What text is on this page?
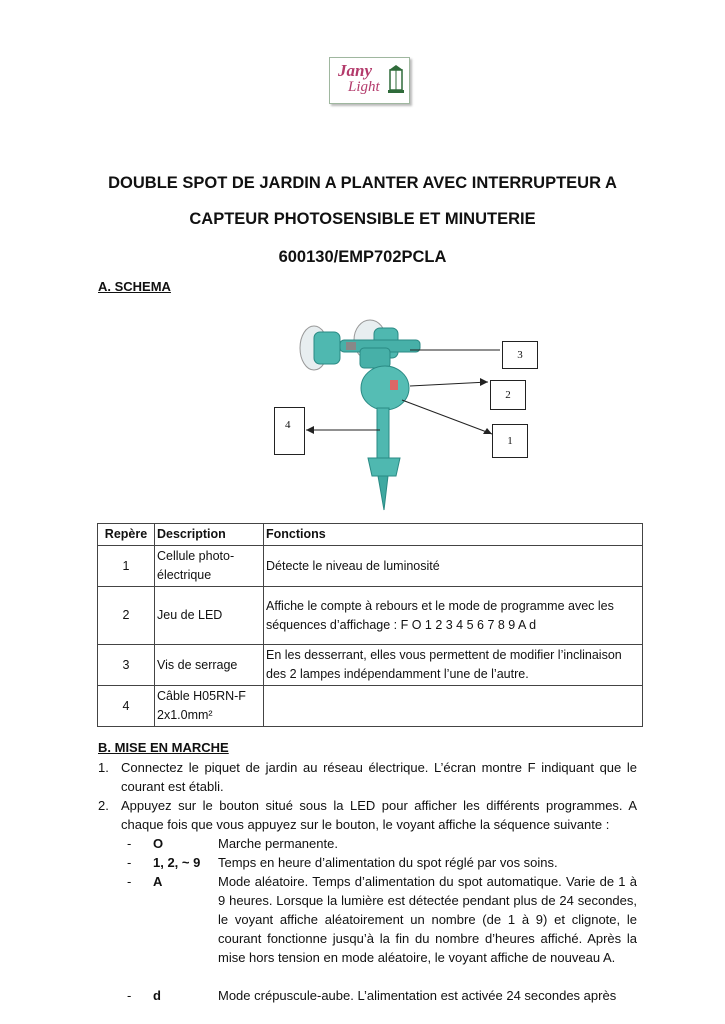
Jany
Light
DOUBLE SPOT DE JARDIN A PLANTER AVEC INTERRUPTEUR A
CAPTEUR PHOTOSENSIBLE ET MINUTERIE
600130/EMP702PCLA
A. SCHEMA
3
2
1
4
Repère	Description	Fonctions
1	Cellule photo-électrique	Détecte le niveau de luminosité
2	Jeu de LED	Affiche le compte à rebours et le mode de programme avec les séquences d’affichage : F O 1 2 3 4 5 6 7 8 9 A d
3	Vis de serrage	En les desserrant, elles vous permettent de modifier l’inclinaison des 2 lampes indépendamment l’une de l’autre.
4	Câble H05RN-F 2x1.0mm²	
B. MISE EN MARCHE
1. Connectez le piquet de jardin au réseau électrique. L’écran montre F indiquant que le courant est établi.
2. Appuyez sur le bouton situé sous la LED pour afficher les différents programmes. A chaque fois que vous appuyez sur le bouton, le voyant affiche la séquence suivante :
- O	Marche permanente.
- 1, 2, ~ 9 Temps en heure d’alimentation du spot réglé par vos soins.
- A	Mode aléatoire. Temps d’alimentation du spot automatique. Varie de 1 à 9 heures. Lorsque la lumière est détectée pendant plus de 24 secondes, le voyant affiche aléatoirement un nombre (de 1 à 9) et clignote, le courant fonctionne jusqu’à la fin du nombre d’heures affiché. Après la mise hors tension en mode aléatoire, le voyant affiche de nouveau A.
- d	Mode crépuscule-aube. L’alimentation est activée 24 secondes après
